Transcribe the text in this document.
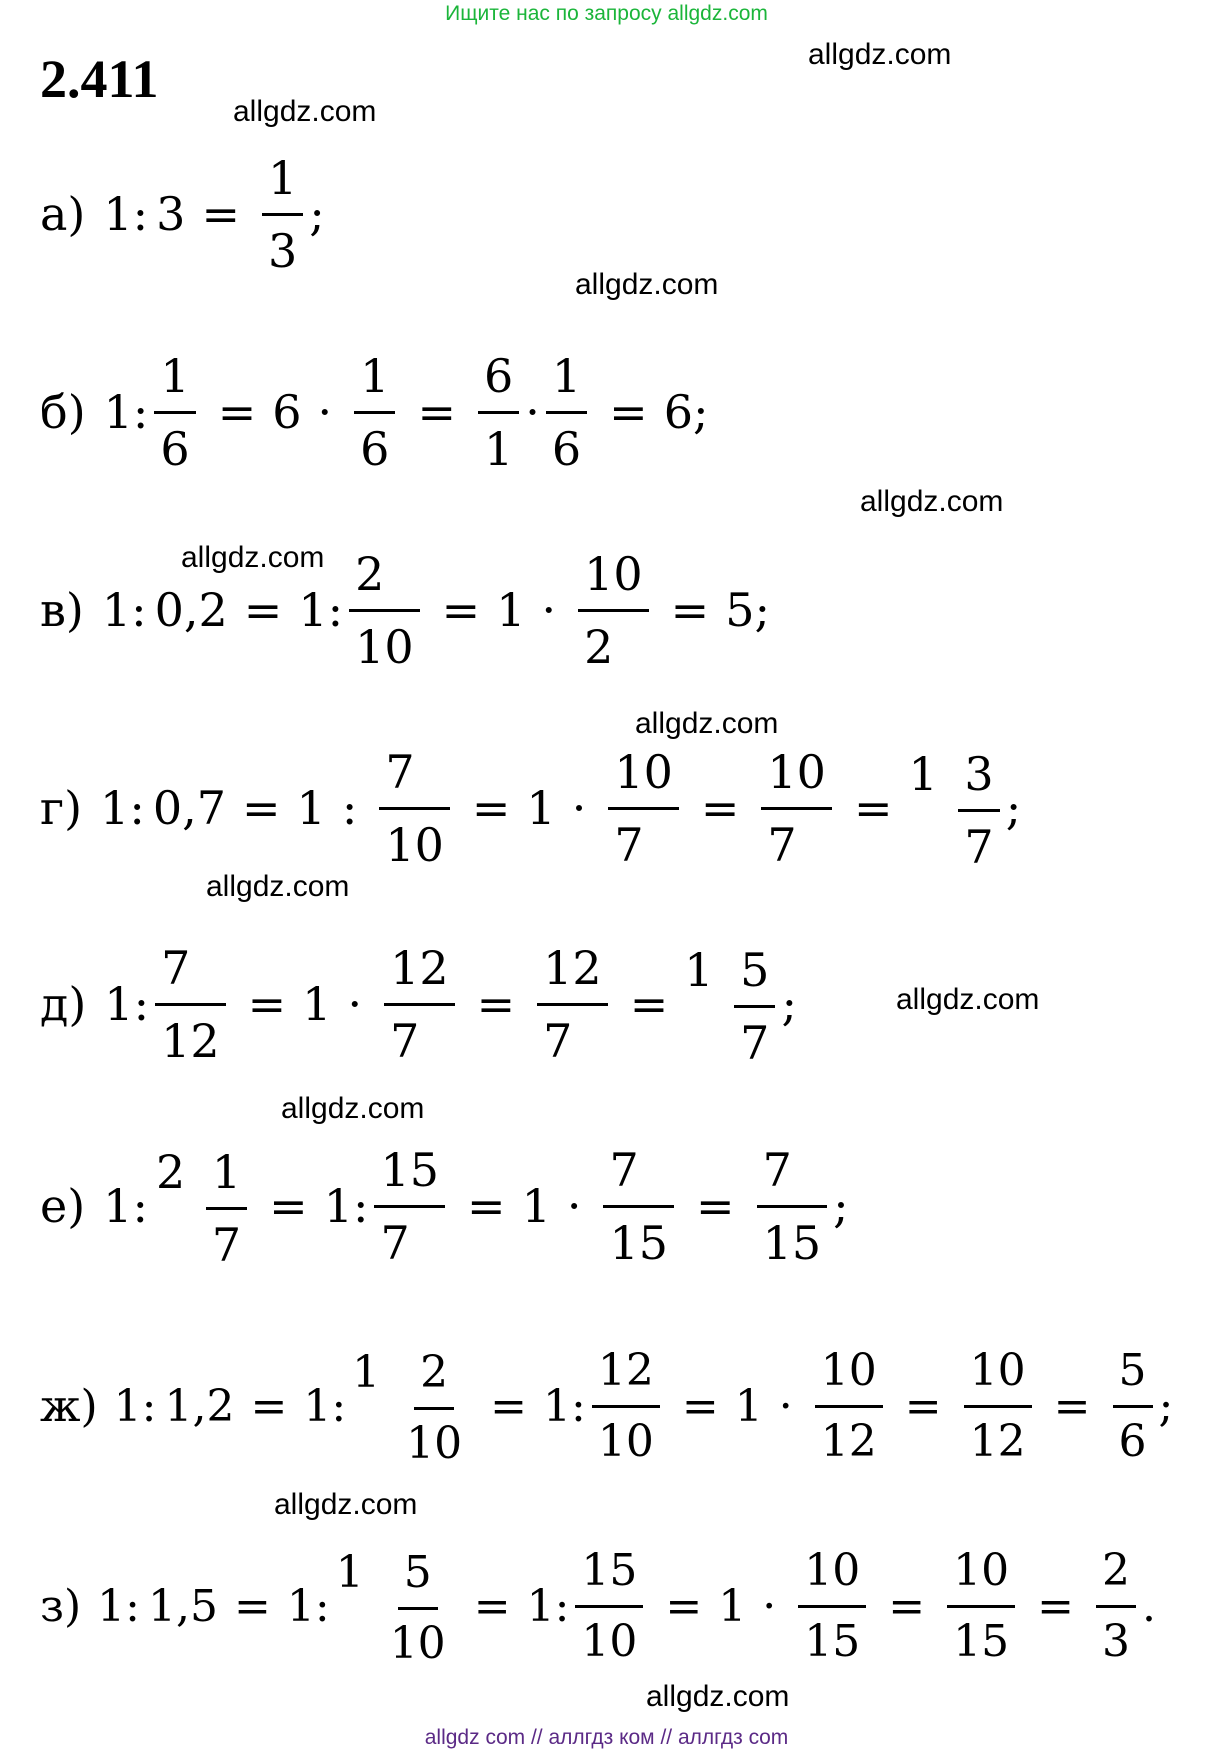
Ищите нас по запросу allgdz.com
2.411	allgdz.com
allgdz.com
allgdz.com
allgdz.com
allgdz.com
allgdz.com
allgdz.com
allgdz.com
allgdz.com
allgdz.com
allgdz.com
а) 1 : $3 = \frac{1}{3}$ ;
б) 1 : $\frac{1}{6} = 6 \cdot \frac{1}{6} = \frac{6}{1} \cdot \frac{1}{6} = 6$ ;
в) 1 : 0,2 = 1 : $\frac{2}{10} = 1 \cdot \frac{10}{2} = 5$ ;
г) 1 : 0,7 = 1 : $\frac{7}{10} = 1 \cdot \frac{10}{7} = \frac{10}{7}$ =
$1 \frac{3}{7}$ ;
д) 1 : $\frac{7}{12} = 1 \cdot \frac{12}{7} = \frac{12}{7}$ =
$1 \frac{5}{7}$ ;
е) 1 :
$2 \frac{1}{7} = 1$ : $\frac{15}{7} = 1 \cdot \frac{7}{15} = \frac{7}{15}$ ;
ж) 1 : 1,2 = 1 :
$1 \frac{2}{10} = 1$ : $\frac{12}{10} = 1 \cdot \frac{10}{12} = \frac{10}{12} = \frac{5}{6}$ ;
з) 1 : 1,5 = 1 :
$1 \frac{5}{10} = 1$ : $\frac{15}{10} = 1 \cdot \frac{10}{15} = \frac{10}{15} = \frac{2}{3}$ .
allgdz com // аллгдз ком // аллгдз com
